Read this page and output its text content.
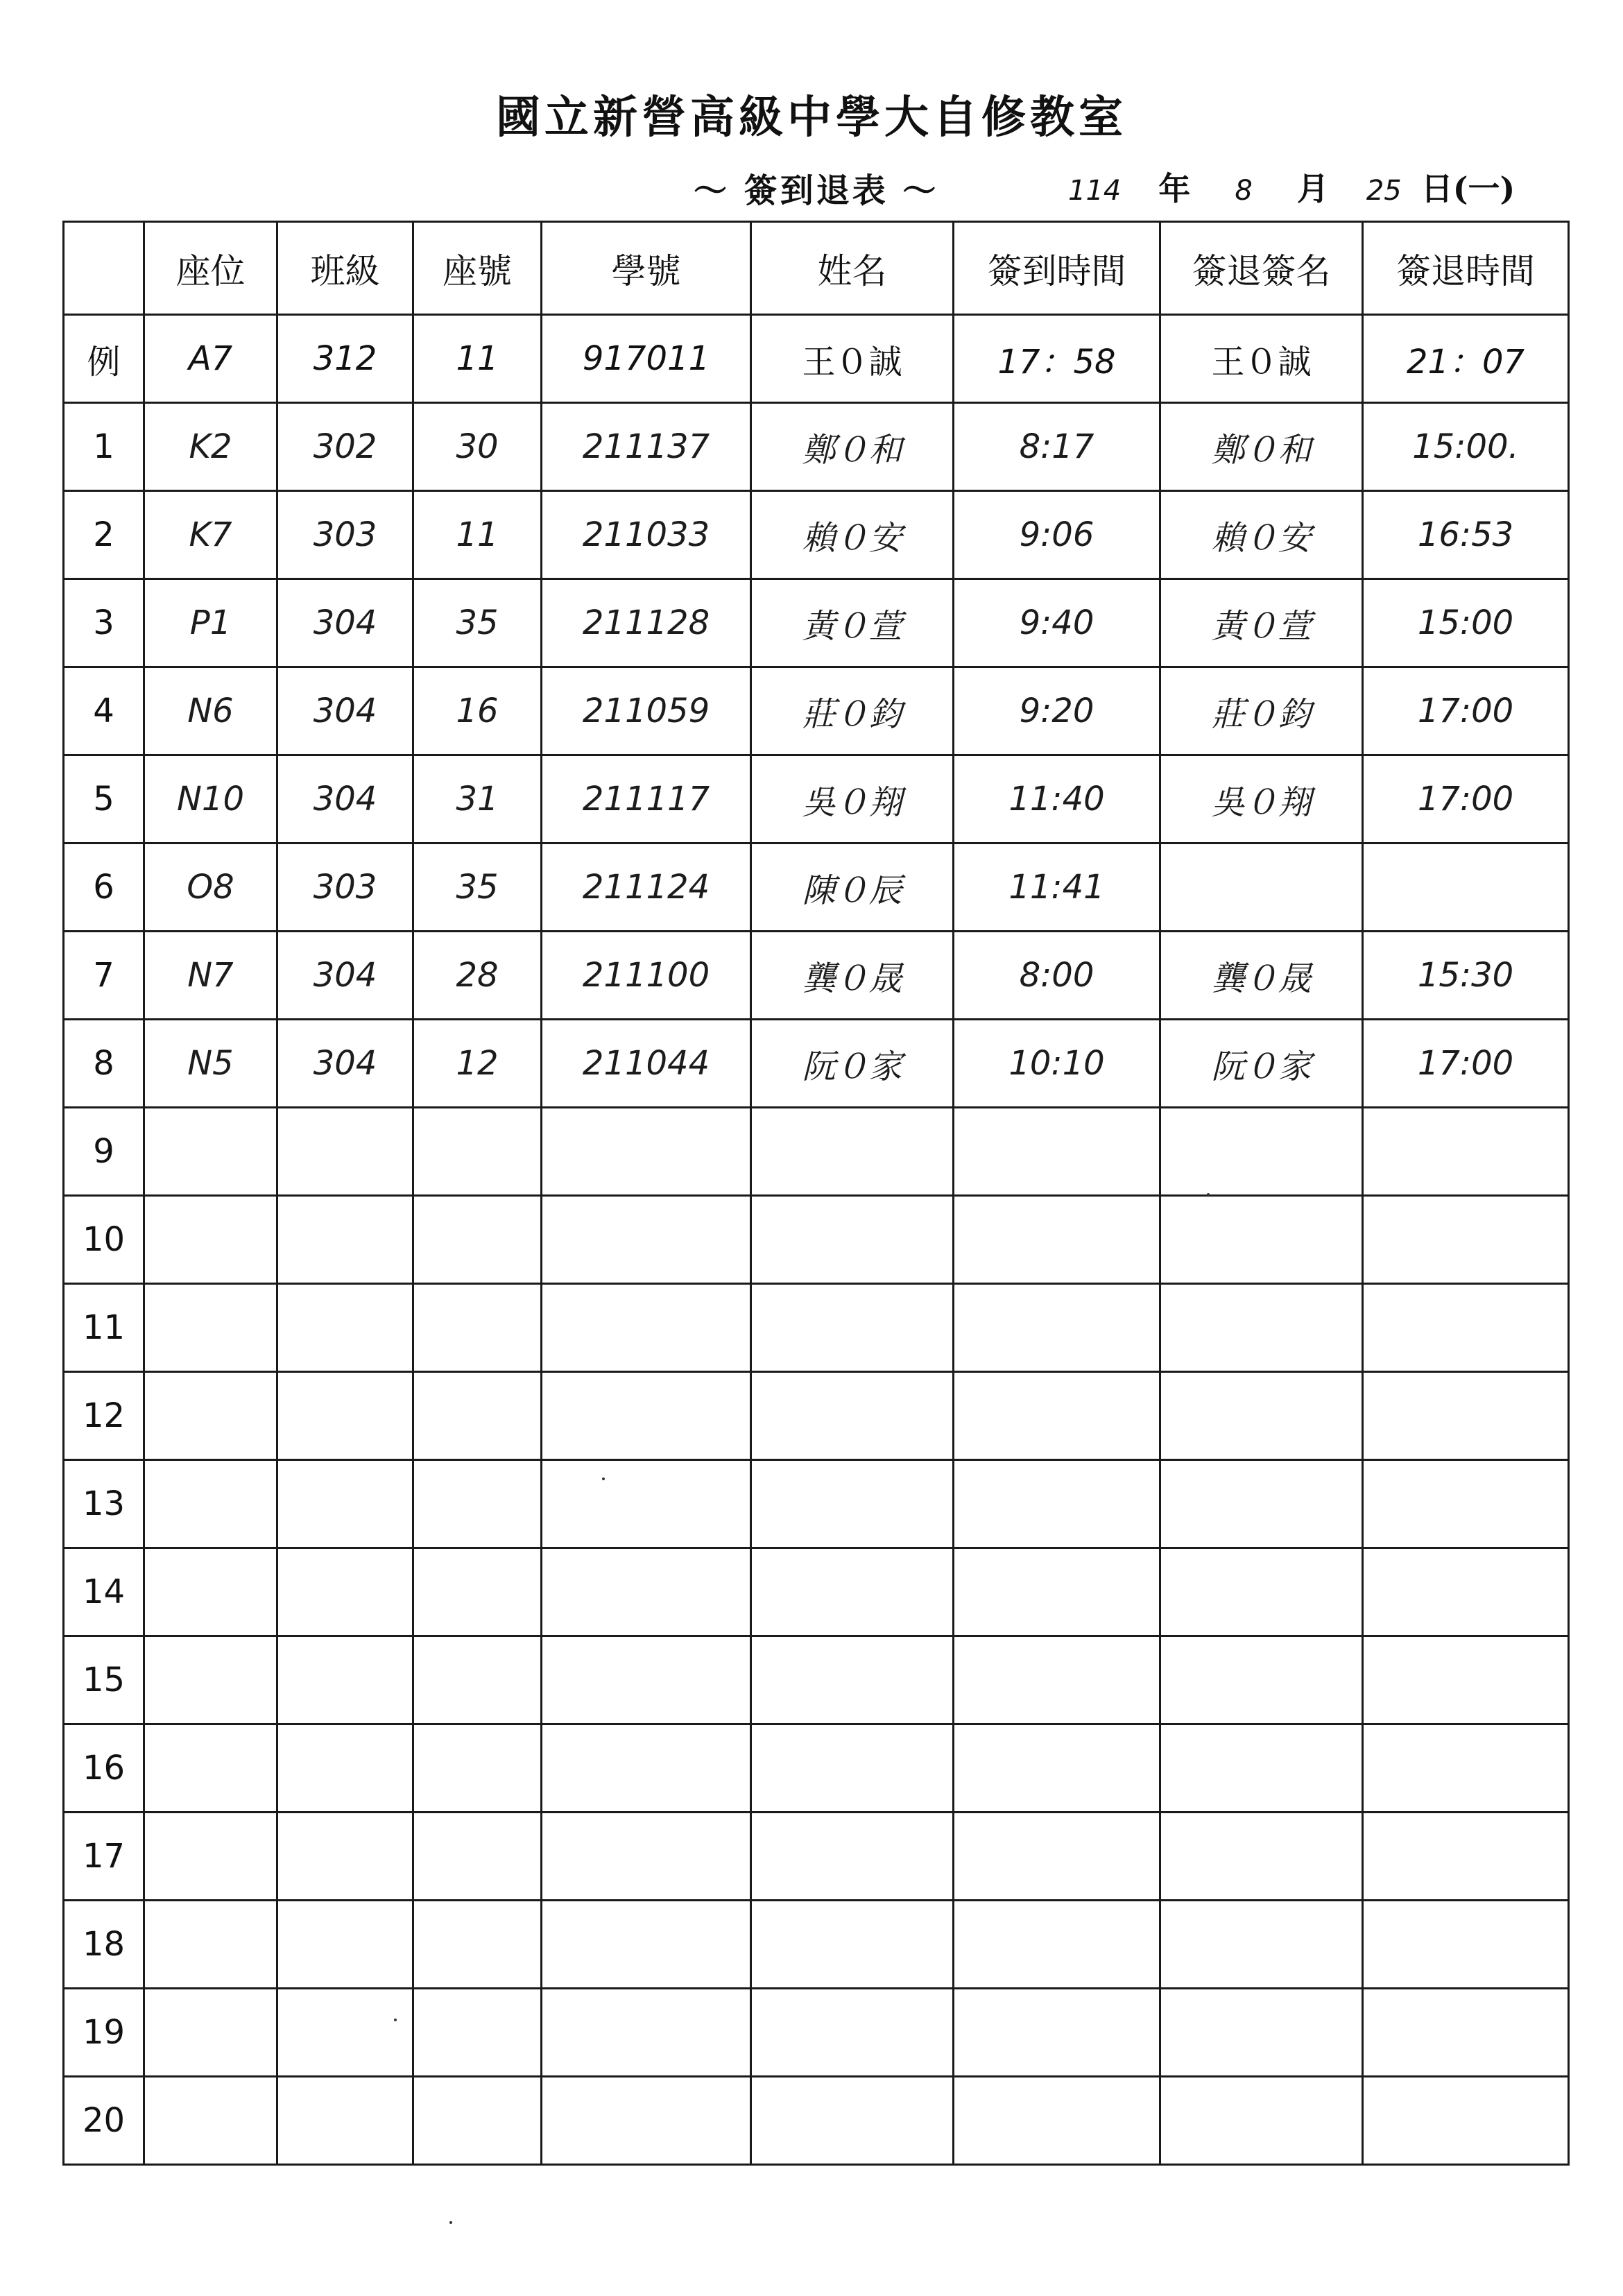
國立新營高級中學大自修教室
～ 簽到退表 ～	114 年 8 月 25 日(一)
	座位	班級	座號	學號	姓名	簽到時間	簽退簽名	簽退時間
例	A7	312	11	917011	王０誠	17：58	王０誠	21：07
1	K2	302	30	211137	鄭０和	8:17	鄭０和	15:00.
2	K7	303	11	211033	賴０安	9:06	賴０安	16:53
3	P1	304	35	211128	黃０萱	9:40	黃０萱	15:00
4	N6	304	16	211059	莊０鈞	9:20	莊０鈞	17:00
5	N10	304	31	211117	吳０翔	11:40	吳０翔	17:00
6	O8	303	35	211124	陳０辰	11:41		
7	N7	304	28	211100	龔０晟	8:00	龔０晟	15:30
8	N5	304	12	211044	阮０家	10:10	阮０家	17:00
9								
10								
11								
12								
13								
14								
15								
16								
17								
18								
19								
20								
